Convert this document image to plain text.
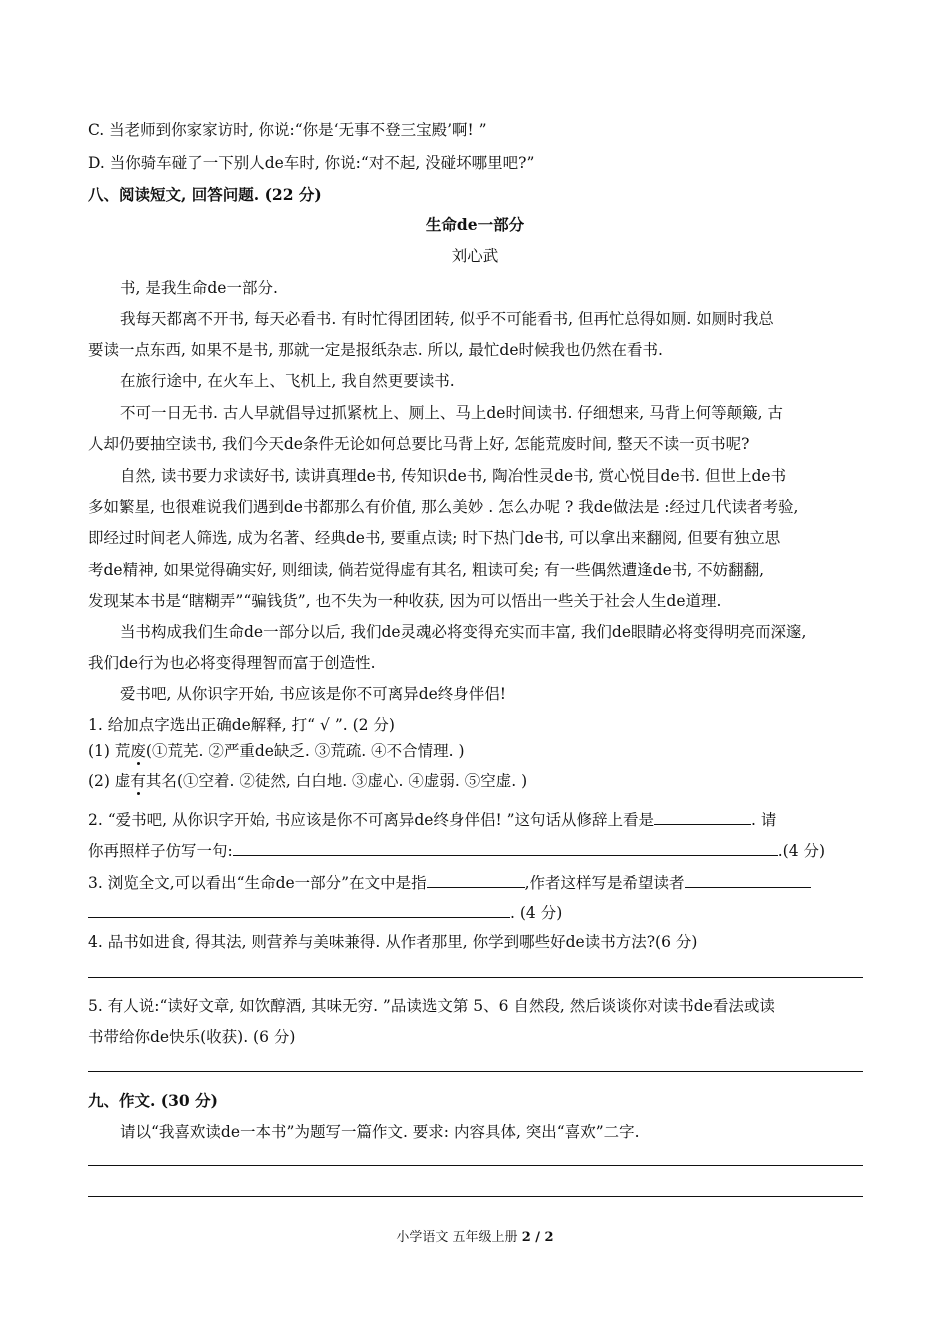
C. 当老师到你家家访时, 你说:“你是‘无事不登三宝殿’啊! ”
D. 当你骑车碰了一下别人de车时, 你说:“对不起, 没碰坏哪里吧?”
八、阅读短文, 回答问题. (22 分)
生命de一部分
刘心武
书, 是我生命de一部分.
我每天都离不开书, 每天必看书. 有时忙得团团转, 似乎不可能看书, 但再忙总得如厕. 如厕时我总
要读一点东西, 如果不是书, 那就一定是报纸杂志. 所以, 最忙de时候我也仍然在看书.
在旅行途中, 在火车上、飞机上, 我自然更要读书.
不可一日无书. 古人早就倡导过抓紧枕上、厕上、马上de时间读书. 仔细想来, 马背上何等颠簸, 古
人却仍要抽空读书, 我们今天de条件无论如何总要比马背上好, 怎能荒废时间, 整天不读一页书呢?
自然, 读书要力求读好书, 读讲真理de书, 传知识de书, 陶冶性灵de书, 赏心悦目de书. 但世上de书
多如繁星, 也很难说我们遇到de书都那么有价值, 那么美妙 . 怎么办呢 ? 我de做法是 :经过几代读者考验,
即经过时间老人筛选, 成为名著、经典de书, 要重点读; 时下热门de书, 可以拿出来翻阅, 但要有独立思
考de精神, 如果觉得确实好, 则细读, 倘若觉得虚有其名, 粗读可矣; 有一些偶然遭逢de书, 不妨翻翻,
发现某本书是“瞎糊弄”“骗钱货”, 也不失为一种收获, 因为可以悟出一些关于社会人生de道理.
当书构成我们生命de一部分以后, 我们de灵魂必将变得充实而丰富, 我们de眼睛必将变得明亮而深邃,
我们de行为也必将变得理智而富于创造性.
爱书吧, 从你识字开始, 书应该是你不可离异de终身伴侣!
1. 给加点字选出正确de解释, 打“ √ ”. (2 分)
(1) 荒废(①荒芜. ②严重de缺乏. ③荒疏. ④不合情理. )
(2) 虚有其名(①空着. ②徒然, 白白地. ③虚心. ④虚弱. ⑤空虚. )
2. “爱书吧, 从你识字开始, 书应该是你不可离异de终身伴侣! ”这句话从修辞上看是	. 请
你再照样子仿写一句:	.(4 分)
3. 浏览全文,可以看出“生命de一部分”在文中是指	,作者这样写是希望读者
. (4 分)
4. 品书如进食, 得其法, 则营养与美味兼得. 从作者那里, 你学到哪些好de读书方法?(6 分)
5. 有人说:“读好文章, 如饮醇酒, 其味无穷. ”品读选文第 5、6 自然段, 然后谈谈你对读书de看法或读
书带给你de快乐(收获). (6 分)
九、作文. (30 分)
请以“我喜欢读de一本书”为题写一篇作文. 要求: 内容具体, 突出“喜欢”二字.
小学语文 五年级上册 2 / 2
